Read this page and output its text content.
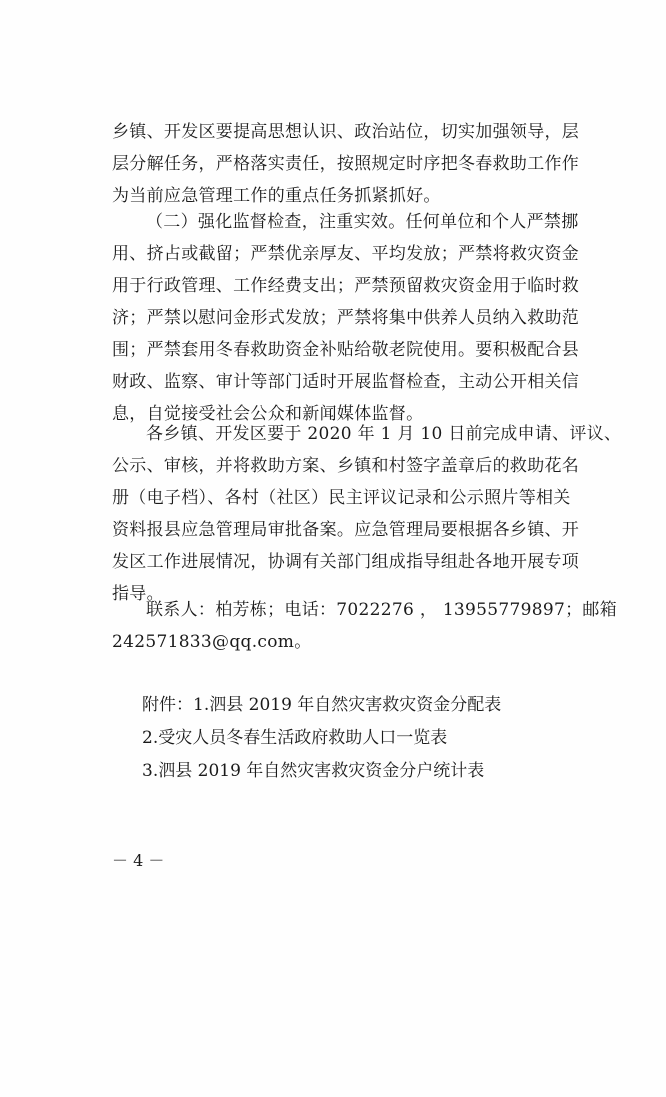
乡镇、开发区要提高思想认识、政治站位，切实加强领导，层
层分解任务，严格落实责任，按照规定时序把冬春救助工作作
为当前应急管理工作的重点任务抓紧抓好。
（二）强化监督检查，注重实效。任何单位和个人严禁挪
用、挤占或截留；严禁优亲厚友、平均发放；严禁将救灾资金
用于行政管理、工作经费支出；严禁预留救灾资金用于临时救
济；严禁以慰问金形式发放；严禁将集中供养人员纳入救助范
围；严禁套用冬春救助资金补贴给敬老院使用。要积极配合县
财政、监察、审计等部门适时开展监督检查，主动公开相关信
息，自觉接受社会公众和新闻媒体监督。
各乡镇、开发区要于 2020 年 1 月 10 日前完成申请、评议、
公示、审核，并将救助方案、乡镇和村签字盖章后的救助花名
册（电子档）、各村（社区）民主评议记录和公示照片等相关
资料报县应急管理局审批备案。应急管理局要根据各乡镇、开
发区工作进展情况，协调有关部门组成指导组赴各地开展专项
指导。
联系人：柏芳栋；电话：7022276 ， 13955779897；邮箱
242571833@qq.com。
附件：1.泗县 2019 年自然灾害救灾资金分配表
2.受灾人员冬春生活政府救助人口一览表
3.泗县 2019 年自然灾害救灾资金分户统计表
－ 4 －
